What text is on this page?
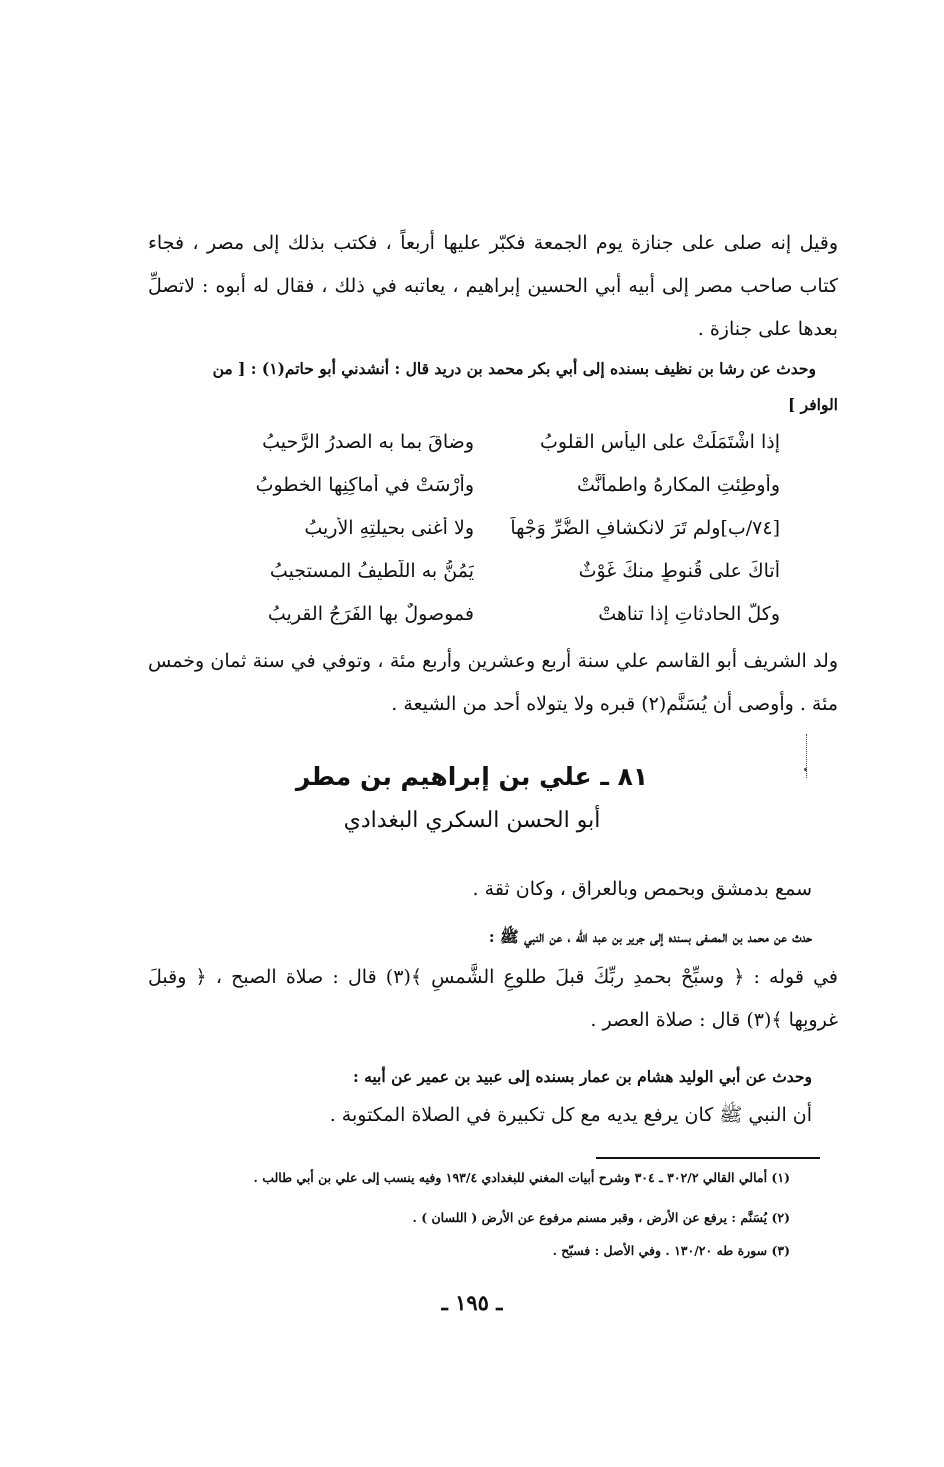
وقيل إنه صلى على جنازة يوم الجمعة فكبّر عليها أربعاً ، فكتب بذلك إلى مصر ، فجاء كتاب صاحب مصر إلى أبيه أبي الحسين إبراهيم ، يعاتبه في ذلك ، فقال له أبوه : لاتصلِّ بعدها على جنازة .
وحدث عن رشا بن نظيف بسنده إلى أبي بكر محمد بن دريد قال : أنشدني أبو حاتم(١) : [ من
الوافر ]
إذا اشْتَمَلَتْ على اليأسِ القلوبُ
وضاقَ بما به الصدرُ الرَّحيبُ
وأُوطِئتِ المكارهُ واطمأنَّتْ
وأَرْسَتْ في أماكِنِها الخطوبُ
[٧٤/ب]ولم تَرَ لانكشافِ الضُّرِّ وَجْهاً
ولا أغنى بحيلتِهِ الأريبُ
أتاكَ على قُنوطٍ منكَ غَوْثٌ
يَمُنُّ به اللَّطيفُ المستجيبُ
وكلُّ الحادثاتِ إذا تناهتْ
فموصولٌ بها الفَرَجُ القريبُ
ولد الشريف أبو القاسم علي سنة أربع وعشرين وأربع مئة ، وتوفي في سنة ثمان وخمس مئة . وأوصى أن يُسَنَّم(٢) قبره ولا يتولاه أحد من الشيعة .
٨١ ـ علي بن إبراهيم بن مطر
أبو الحسن السكري البغدادي
سمع بدمشق وبحمص وبالعراق ، وكان ثقة .
حدث عن محمد بن المصفى بسنده إلى جرير بن عبد الله ، عن النبي ﷺ :
في قوله : ﴿ وسبِّحْ بحمدِ ربِّكَ قبلَ طلوعِ الشَّمسِ ﴾(٣) قال : صلاة الصبح ، ﴿ وقبلَ غروبِها ﴾(٣) قال : صلاة العصر .
وحدث عن أبي الوليد هشام بن عمار بسنده إلى عبيد بن عمير عن أبيه :
أن النبي ﷺ كان يرفع يديه مع كل تكبيرة في الصلاة المكتوبة .
(١) أمالي القالي ٣٠٢/٢ ـ ٣٠٤ وشرح أبيات المغني للبغدادي ١٩٣/٤ وفيه ينسب إلى علي بن أبي طالب .
(٢) يُسَنَّم : يرفع عن الأرض ، وقبر مسنم مرفوع عن الأرض ( اللسان ) .
(٣) سورة طه ١٣٠/٢٠ . وفي الأصل : فسبّح .
ـ ١٩٥ ـ
